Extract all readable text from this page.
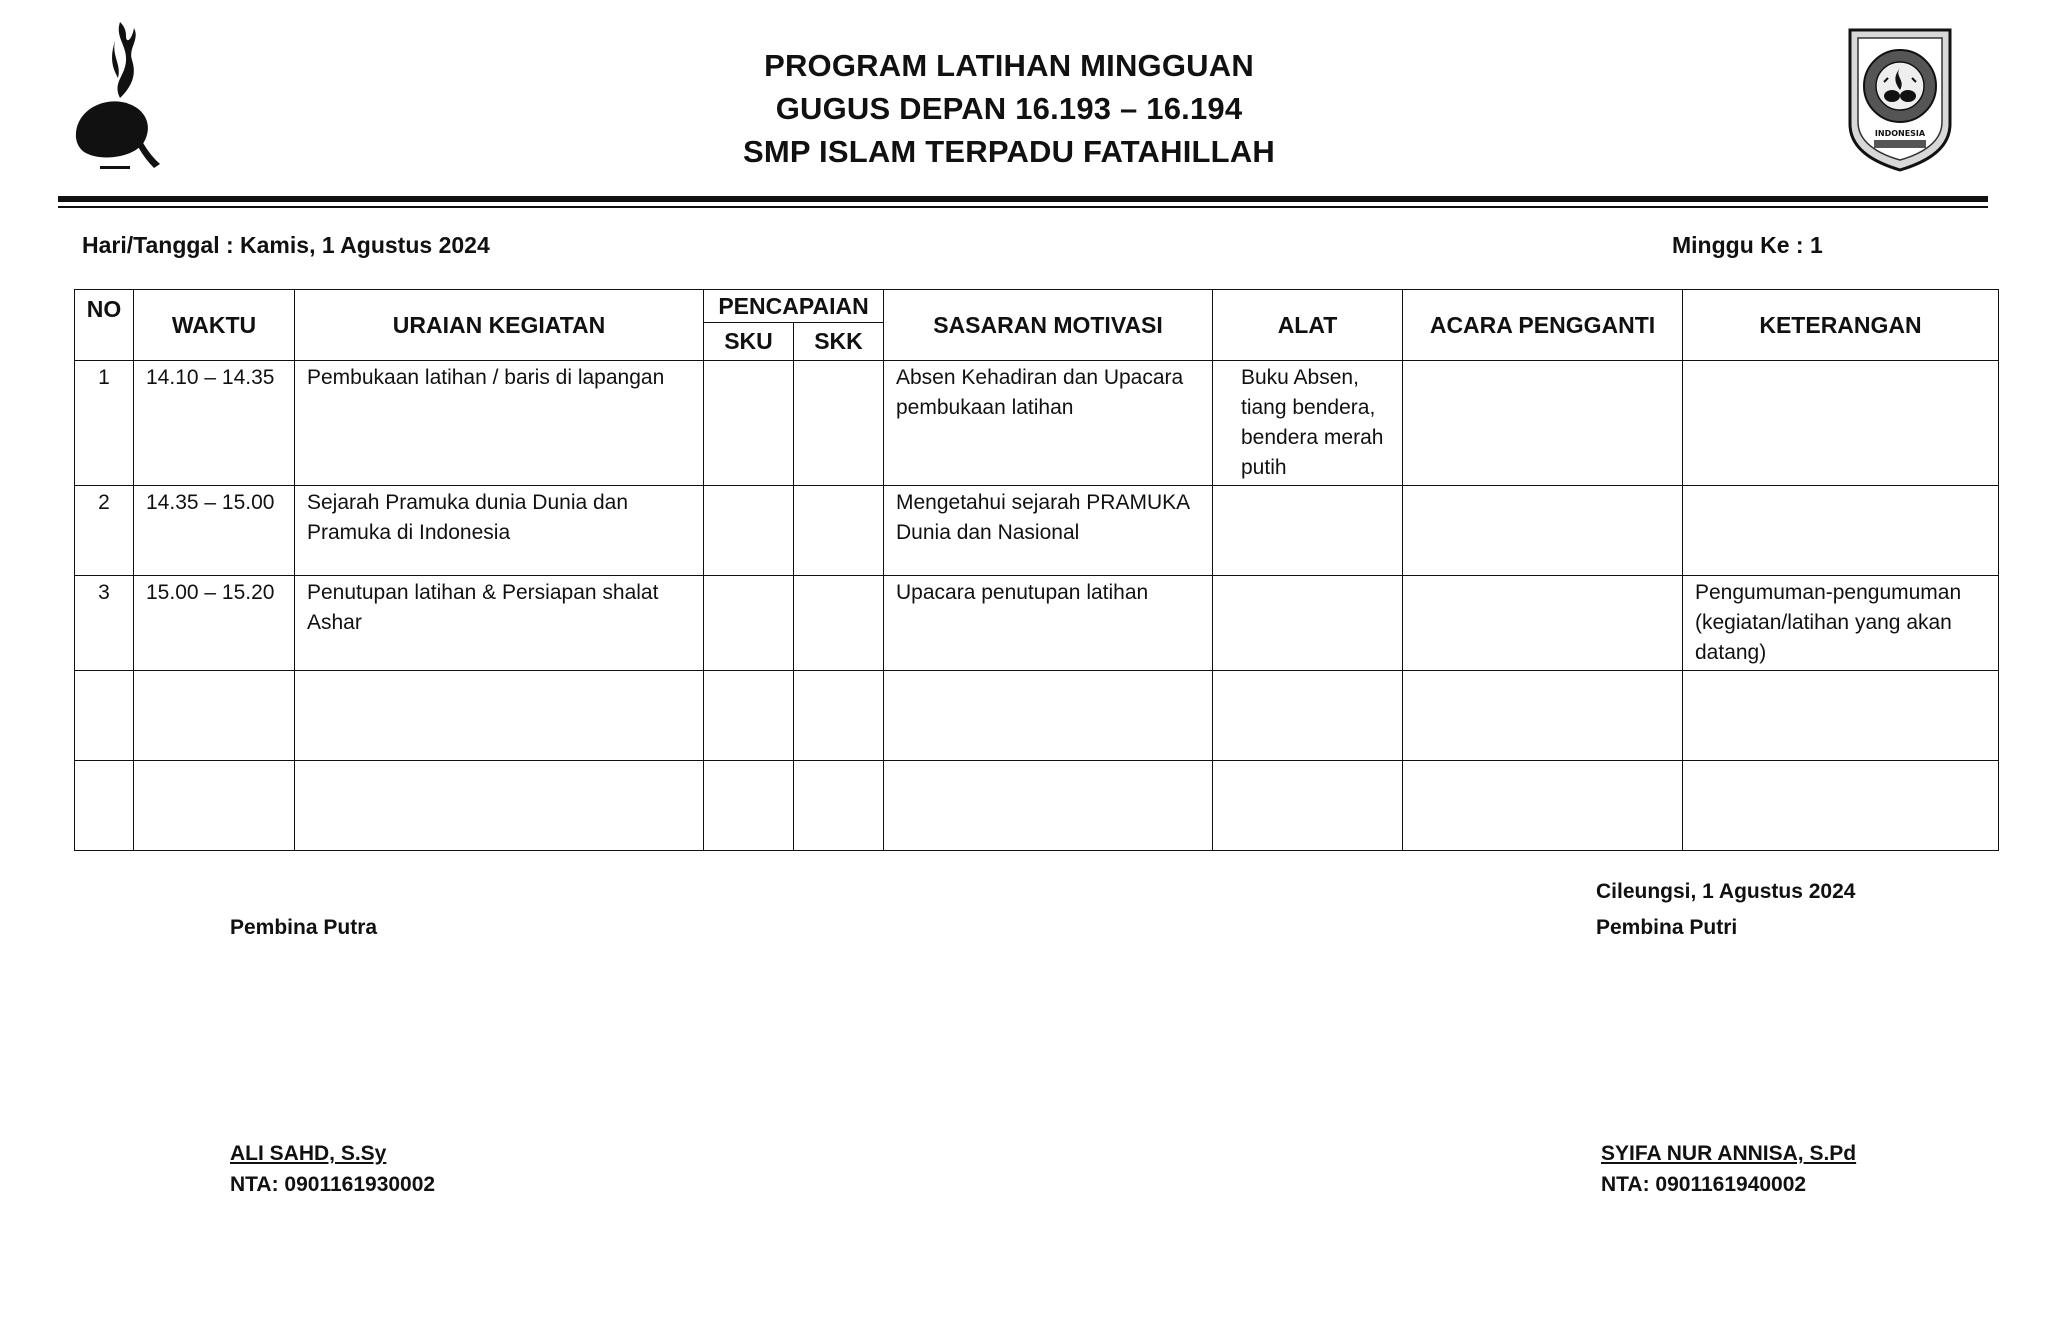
INDONESIA
PROGRAM LATIHAN MINGGUAN
GUGUS DEPAN 16.193 – 16.194
SMP ISLAM TERPADU FATAHILLAH
Hari/Tanggal : Kamis, 1 Agustus 2024	Minggu Ke : 1
NO	WAKTU	URAIAN KEGIATAN	PENCAPAIAN		SASARAN MOTIVASI	ALAT	ACARA PENGGANTI	KETERANGAN
			SKU	SKK				
1	14.10 – 14.35	Pembukaan latihan / baris di lapangan			Absen Kehadiran dan Upacara pembukaan latihan	Buku Absen, tiang bendera, bendera merah putih		
2	14.35 – 15.00	Sejarah Pramuka dunia Dunia dan Pramuka di Indonesia			Mengetahui sejarah PRAMUKA Dunia dan Nasional			
3	15.00 – 15.20	Penutupan latihan & Persiapan shalat Ashar			Upacara penutupan latihan			Pengumuman-pengumuman (kegiatan/latihan yang akan datang)

Cileungsi, 1 Agustus 2024
Pembina Putra	Pembina Putri
ALI SAHD, S.Sy
NTA: 0901161930002
SYIFA NUR ANNISA, S.Pd
NTA: 0901161940002
